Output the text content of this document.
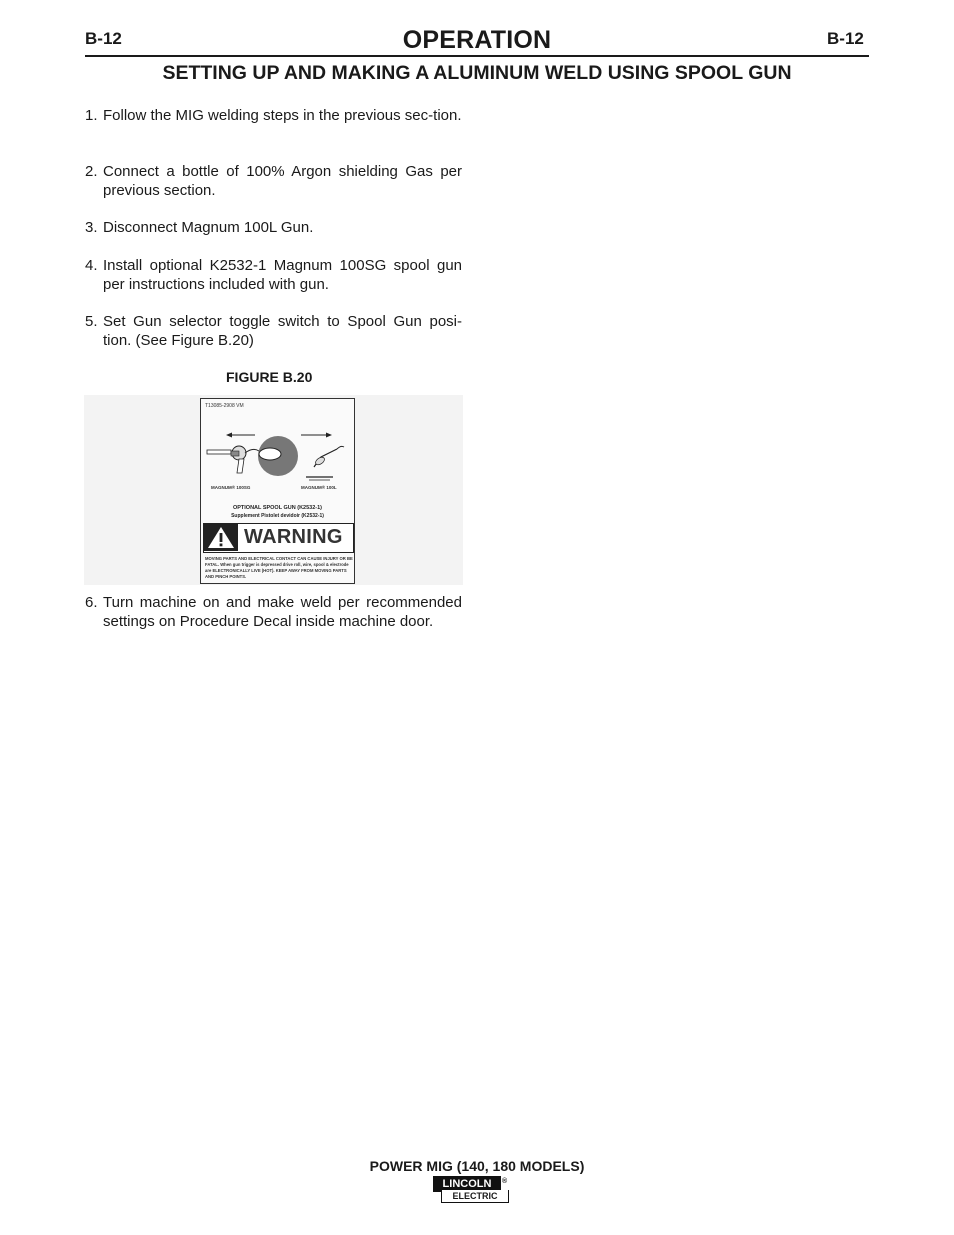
B-12	OPERATION	B-12
SETTING UP AND MAKING A ALUMINUM WELD USING SPOOL GUN
1. Follow the MIG welding steps in the previous sec-tion.
2. Connect a bottle of 100% Argon shielding Gas per previous section.
3. Disconnect Magnum 100L Gun.
4. Install optional K2532-1 Magnum 100SG spool gun per instructions included with gun.
5. Set Gun selector toggle switch to Spool Gun posi-tion. (See Figure B.20)
6. Turn machine on and make weld per recommended settings on Procedure Decal inside machine door.
FIGURE B.20
T13085-2908 VM
MAGNUM® 100SG	MAGNUM® 100L
OPTIONAL SPOOL GUN (K2532-1)
Supplement Pistolet devidoir (K2532-1)
WARNING
MOVING PARTS AND ELECTRICAL CONTACT CAN CAUSE INJURY OR BE FATAL. When gun trigger is depressed drive roll, wire, spool & electrode are ELECTRONICALLY LIVE (HOT). KEEP AWAY FROM MOVING PARTS AND PINCH POINTS.
POWER MIG (140, 180 MODELS)
LINCOLN	®
ELECTRIC
